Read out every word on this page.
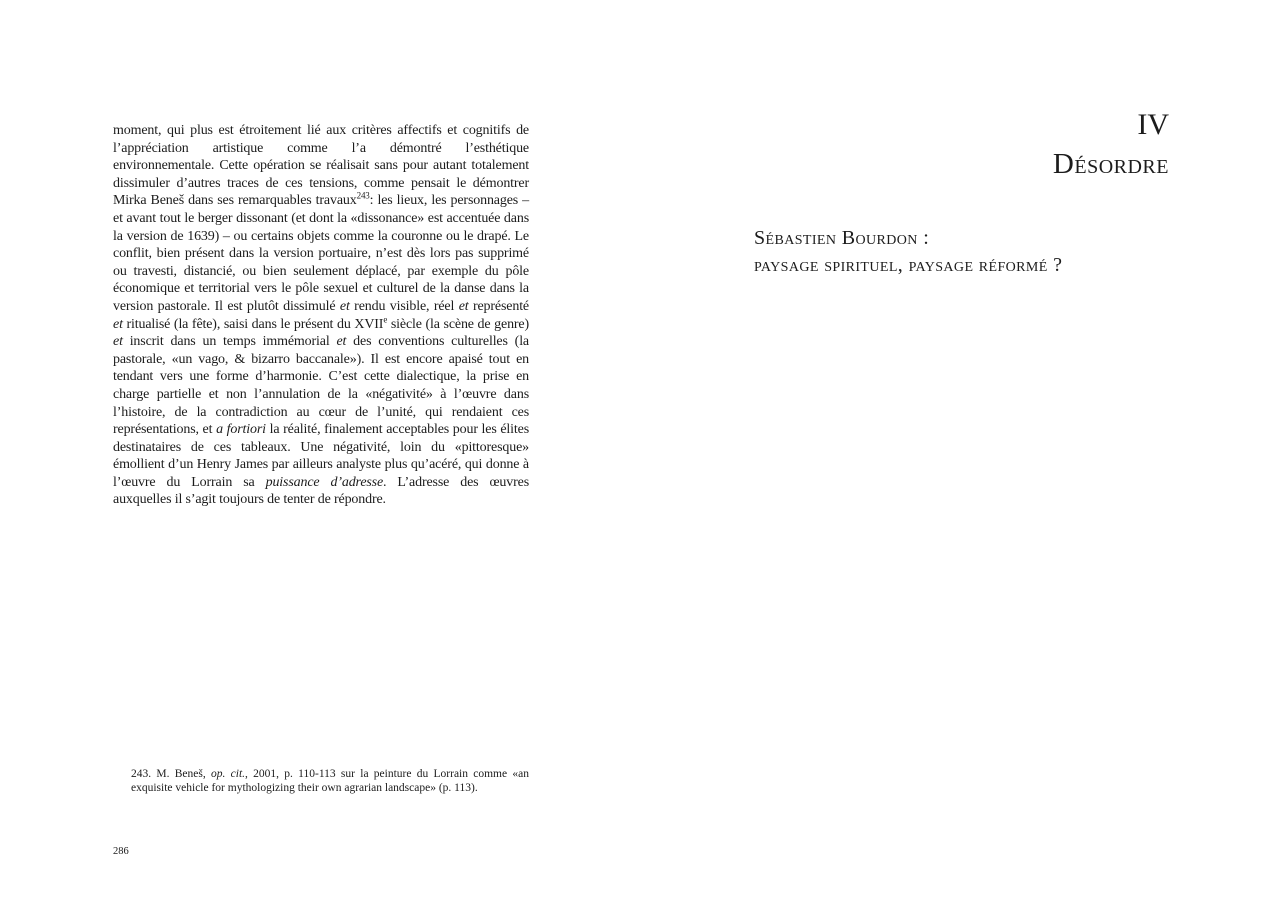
moment, qui plus est étroitement lié aux critères affectifs et cognitifs de l’appréciation artistique comme l’a démontré l’esthétique environnementale. Cette opération se réalisait sans pour autant totalement dissimuler d’autres traces de ces tensions, comme pensait le démontrer Mirka Beneš dans ses remarquables travaux$^{243}$: les lieux, les personnages – et avant tout le berger dissonant (et dont la «dissonance» est accentuée dans la version de 1639) – ou certains objets comme la couronne ou le drapé. Le conflit, bien présent dans la version portuaire, n’est dès lors pas supprimé ou travesti, distancié, ou bien seulement déplacé, par exemple du pôle économique et territorial vers le pôle sexuel et culturel de la danse dans la version pastorale. Il est plutôt dissimulé et rendu visible, réel et représenté et ritualisé (la fête), saisi dans le présent du XVIIe siècle (la scène de genre) et inscrit dans un temps immémorial et des conventions culturelles (la pastorale, «un vago, & bizarro baccanale»). Il est encore apaisé tout en tendant vers une forme d’harmonie. C’est cette dialectique, la prise en charge partielle et non l’annulation de la «négativité» à l’œuvre dans l’histoire, de la contradiction au cœur de l’unité, qui rendaient ces représentations, et a fortiori la réalité, finalement acceptables pour les élites destinataires de ces tableaux. Une négativité, loin du «pittoresque» émollient d’un Henry James par ailleurs analyste plus qu’acéré, qui donne à l’œuvre du Lorrain sa puissance d’adresse. L’adresse des œuvres auxquelles il s’agit toujours de tenter de répondre.

243. M. Beneš, op. cit., 2001, p. 110-113 sur la peinture du Lorrain comme «an exquisite vehicle for mythologizing their own agrarian landscape» (p. 113).

286
IV
Désordre
Sébastien Bourdon :
paysage spirituel, paysage réformé ?
